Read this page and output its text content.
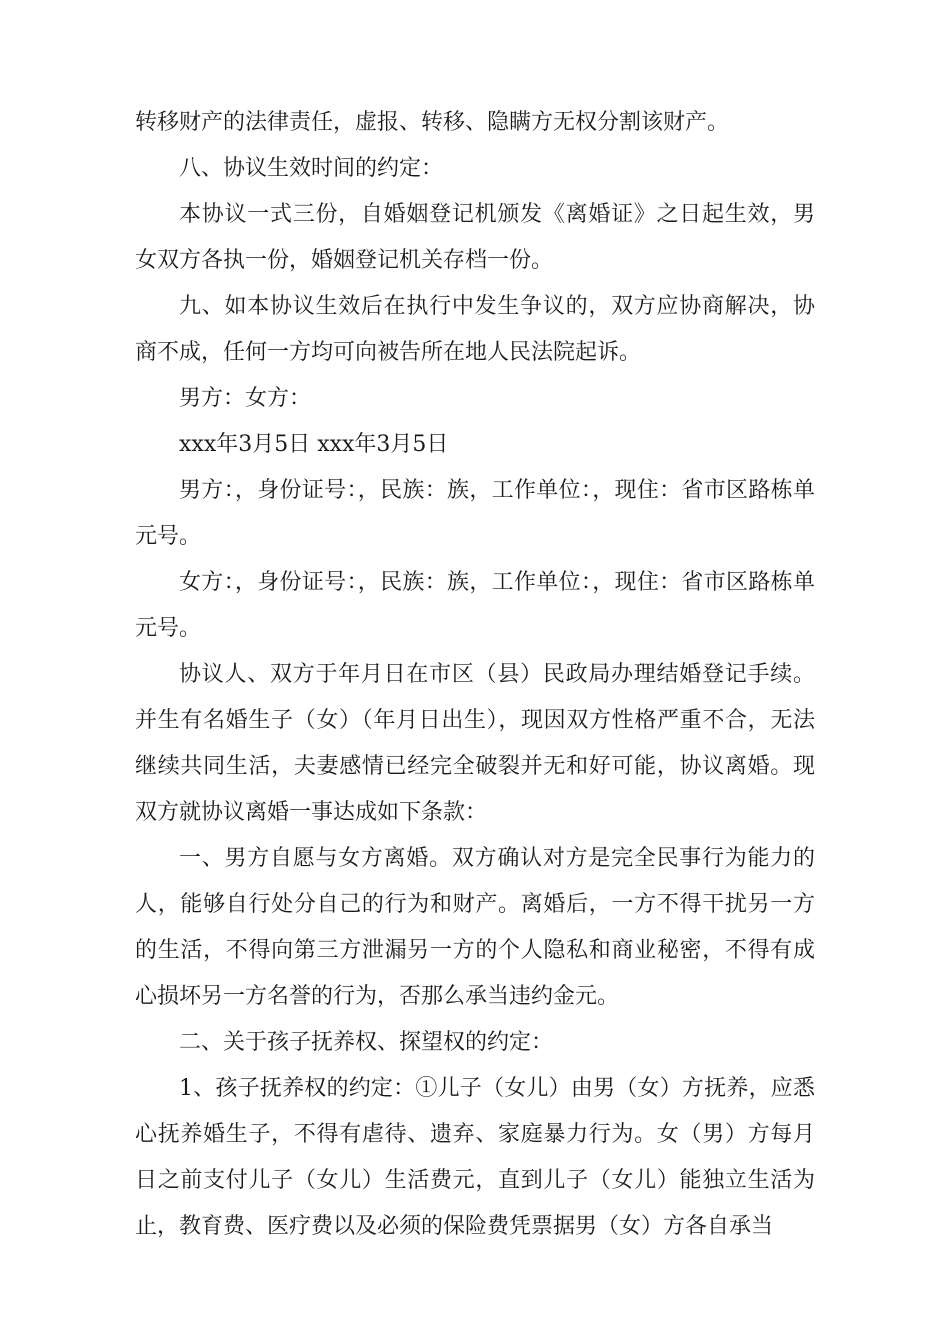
转移财产的法律责任，虚报、转移、隐瞒方无权分割该财产。

八、协议生效时间的约定：

本协议一式三份，自婚姻登记机颁发《离婚证》之日起生效，男女双方各执一份，婚姻登记机关存档一份。

九、如本协议生效后在执行中发生争议的，双方应协商解决，协商不成，任何一方均可向被告所在地人民法院起诉。

男方：女方：

xxx年3月5日 xxx年3月5日

男方：，身份证号：，民族：族，工作单位：，现住：省市区路栋单元号。

女方：，身份证号：，民族：族，工作单位：，现住：省市区路栋单元号。

协议人、双方于年月日在市区（县）民政局办理结婚登记手续。并生有名婚生子（女）（年月日出生），现因双方性格严重不合，无法继续共同生活，夫妻感情已经完全破裂并无和好可能，协议离婚。现双方就协议离婚一事达成如下条款：

一、男方自愿与女方离婚。双方确认对方是完全民事行为能力的人，能够自行处分自己的行为和财产。离婚后，一方不得干扰另一方的生活，不得向第三方泄漏另一方的个人隐私和商业秘密，不得有成心损坏另一方名誉的行为，否那么承当违约金元。

二、关于孩子抚养权、探望权的约定：

1、孩子抚养权的约定：①儿子（女儿）由男（女）方抚养，应悉心抚养婚生子，不得有虐待、遗弃、家庭暴力行为。女（男）方每月日之前支付儿子（女儿）生活费元，直到儿子（女儿）能独立生活为止，教育费、医疗费以及必须的保险费凭票据男（女）方各自承当
